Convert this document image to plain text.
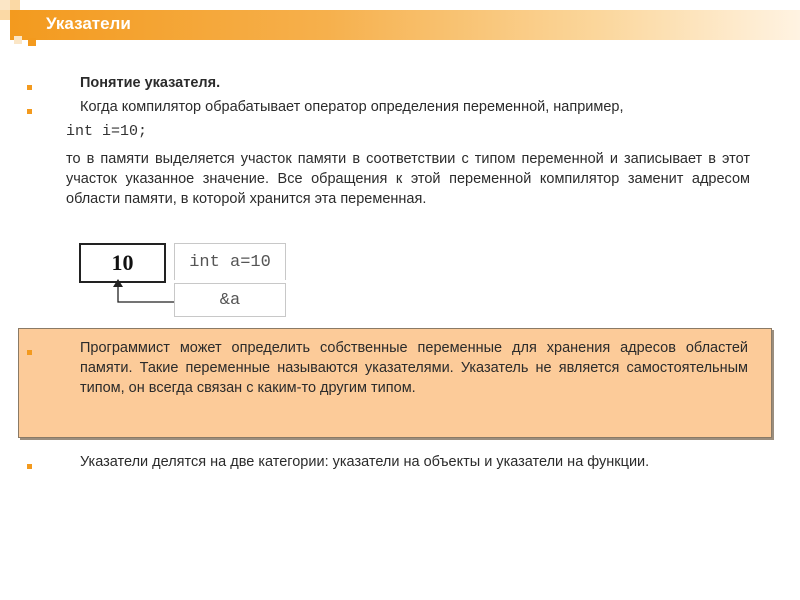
Указатели

Понятие указателя.

Когда компилятор обрабатывает оператор определения переменной, например,

int i=10;

то в памяти выделяется участок памяти в соответствии с типом переменной и записывает в этот участок указанное значение. Все обращения к этой переменной компилятор заменит адресом области памяти, в которой хранится эта переменная.

10	int a=10
&a

Программист может определить собственные переменные для хранения адресов областей памяти. Такие переменные называются указателями. Указатель не является самостоятельным типом, он всегда связан с каким-то другим типом.

Указатели делятся на две категории: указатели на объекты и указатели на функции.
